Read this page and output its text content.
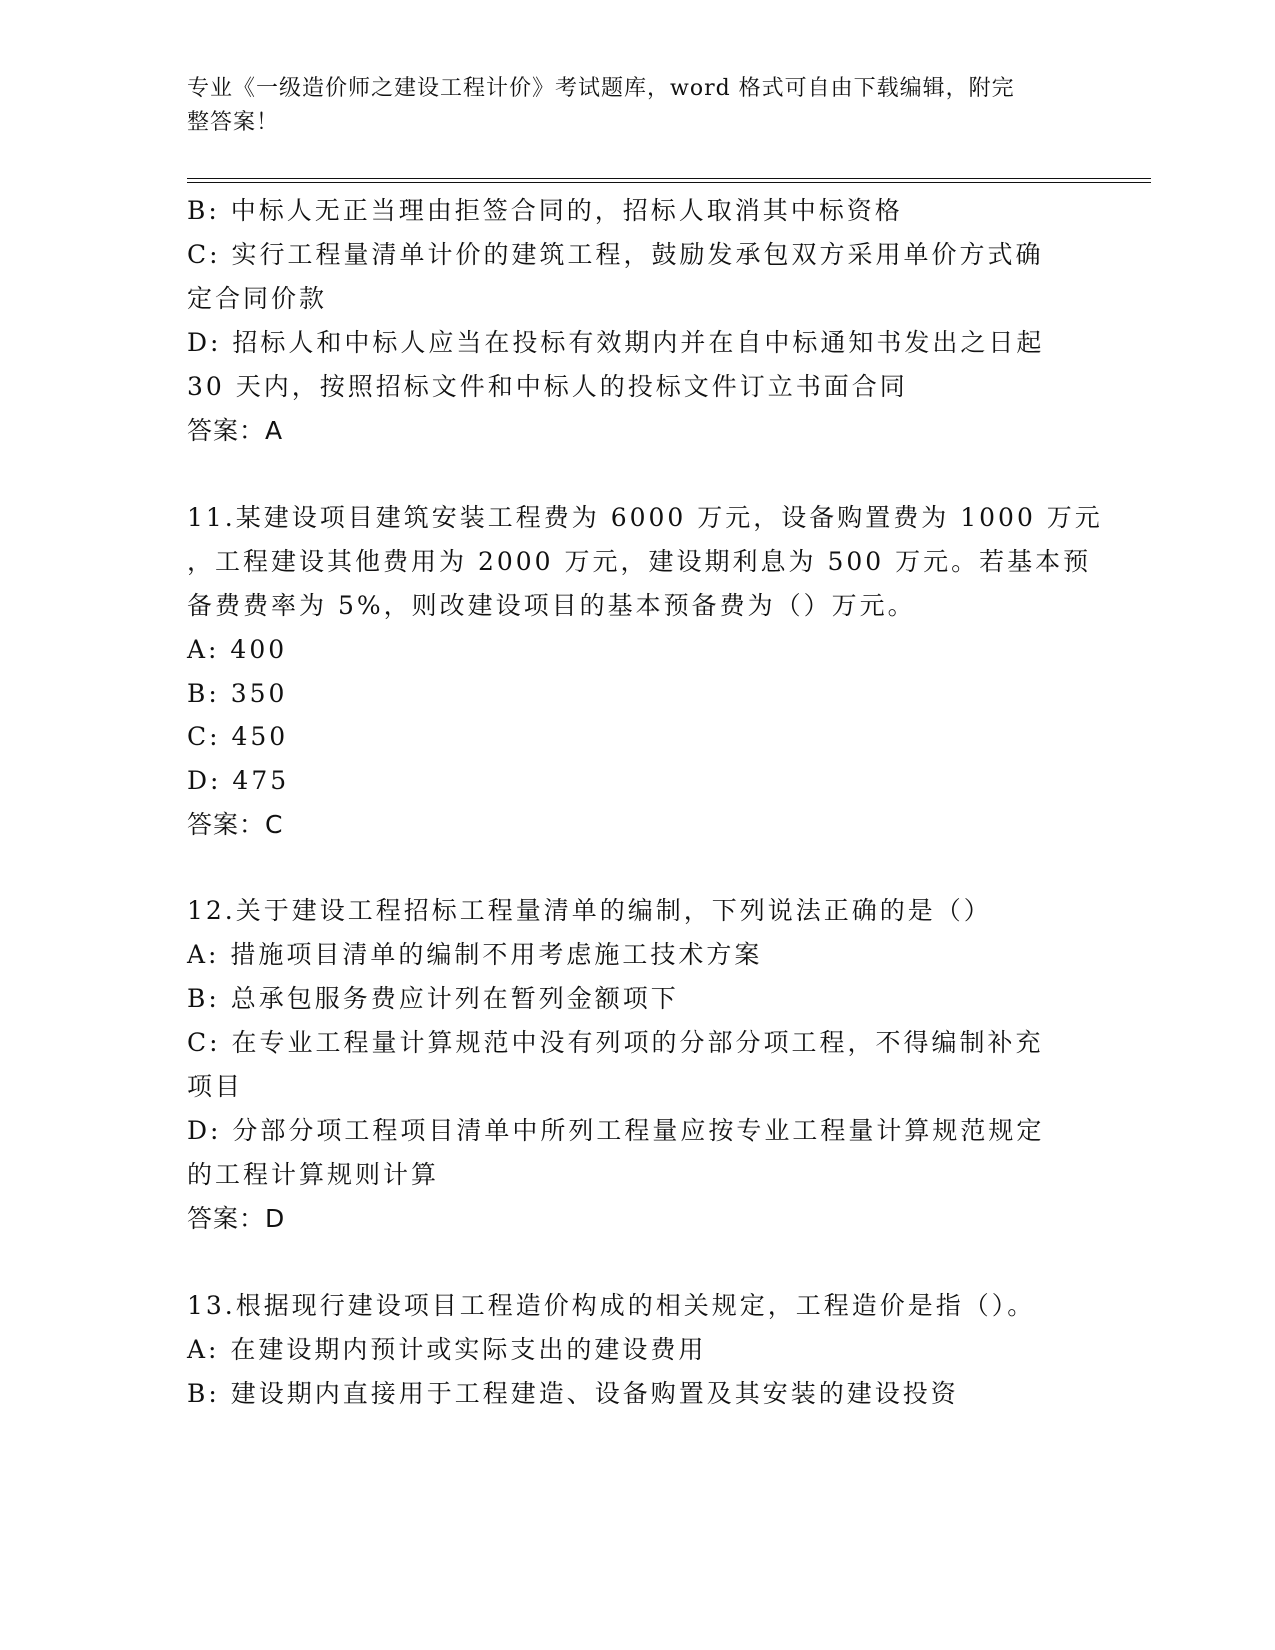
专业《一级造价师之建设工程计价》考试题库，word 格式可自由下载编辑，附完
整答案！
B: 中标人无正当理由拒签合同的，招标人取消其中标资格
C: 实行工程量清单计价的建筑工程，鼓励发承包双方采用单价方式确
定合同价款
D: 招标人和中标人应当在投标有效期内并在自中标通知书发出之日起
30 天内，按照招标文件和中标人的投标文件订立书面合同
答案：A
11.某建设项目建筑安装工程费为 6000 万元，设备购置费为 1000 万元
，工程建设其他费用为 2000 万元，建设期利息为 500 万元。若基本预
备费费率为 5%，则改建设项目的基本预备费为（）万元。
A: 400
B: 350
C: 450
D: 475
答案：C
12.关于建设工程招标工程量清单的编制，下列说法正确的是（）
A: 措施项目清单的编制不用考虑施工技术方案
B: 总承包服务费应计列在暂列金额项下
C: 在专业工程量计算规范中没有列项的分部分项工程，不得编制补充
项目
D: 分部分项工程项目清单中所列工程量应按专业工程量计算规范规定
的工程计算规则计算
答案：D
13.根据现行建设项目工程造价构成的相关规定，工程造价是指（）。
A: 在建设期内预计或实际支出的建设费用
B: 建设期内直接用于工程建造、设备购置及其安装的建设投资
